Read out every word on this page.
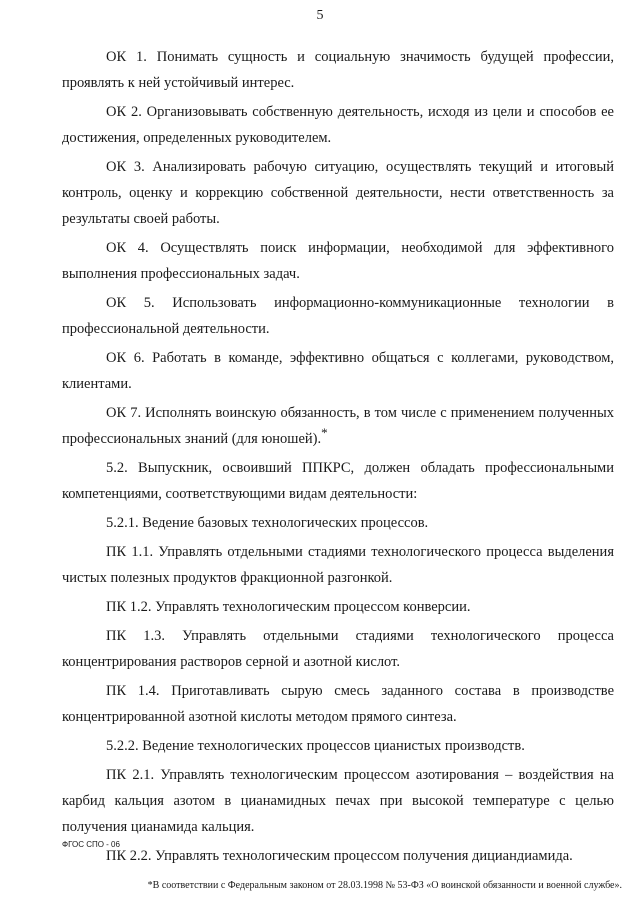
5

ОК 1. Понимать сущность и социальную значимость будущей профессии, проявлять к ней устойчивый интерес.

ОК 2. Организовывать собственную деятельность, исходя из цели и способов ее достижения, определенных руководителем.

ОК 3. Анализировать рабочую ситуацию, осуществлять текущий и итоговый контроль, оценку и коррекцию собственной деятельности, нести ответственность за результаты своей работы.

ОК 4. Осуществлять поиск информации, необходимой для эффективного выполнения профессиональных задач.

ОК 5. Использовать информационно-коммуникационные технологии в профессиональной деятельности.

ОК 6. Работать в команде, эффективно общаться с коллегами, руководством, клиентами.

ОК 7. Исполнять воинскую обязанность, в том числе с применением полученных профессиональных знаний (для юношей).*

5.2. Выпускник, освоивший ППКРС, должен обладать профессиональными компетенциями, соответствующими видам деятельности:

5.2.1. Ведение базовых технологических процессов.

ПК 1.1. Управлять отдельными стадиями технологического процесса выделения чистых полезных продуктов фракционной разгонкой.

ПК 1.2. Управлять технологическим процессом конверсии.

ПК 1.3. Управлять отдельными стадиями технологического процесса концентрирования растворов серной и азотной кислот.

ПК 1.4. Приготавливать сырую смесь заданного состава в производстве концентрированной азотной кислоты методом прямого синтеза.

5.2.2. Ведение технологических процессов цианистых производств.

ПК 2.1. Управлять технологическим процессом азотирования – воздействия на карбид кальция азотом в цианамидных печах при высокой температуре с целью получения цианамида кальция.

ПК 2.2. Управлять технологическим процессом получения дициандиамида.

ФГОС СПО - 06
*В соответствии с Федеральным законом от 28.03.1998 № 53-ФЗ «О воинской обязанности и военной службе».
